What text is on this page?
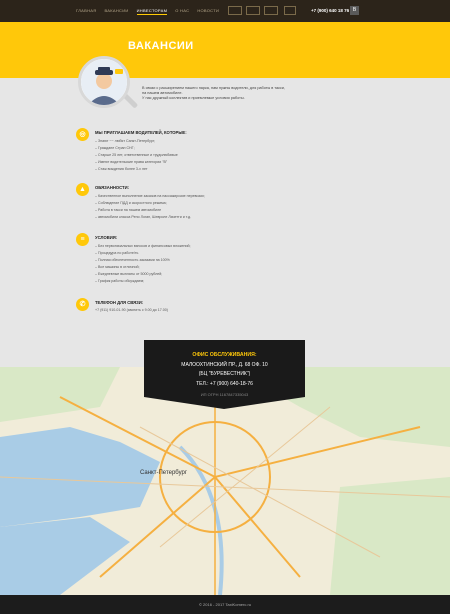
ГЛАВНАЯ ВАКАНСИИ ИНВЕСТОРАМ О НАС НОВОСТИ	+7 (900) 640 18 76 В
ВАКАНСИИ

В связи с расширением нашего парка, нам нужны водители, для работы в такси,

на нашем автомобиле.

У нас дружный коллектив и приемлемые условия работы.

◎	МЫ ПРИГЛАШАЕМ ВОДИТЕЛЕЙ, КОТОРЫЕ:
– Знают ~~ любят Санкт-Петербург;
– Граждане Стран СНГ;
– Старше 25 лет, ответственные и трудолюбивые
– Имеют водительские права категории "B"
– Стаж вождения более 3-х лет
▲	ОБЯЗАННОСТИ:
– Качественное выполнение заказов на пассажирские перевозки;
– Соблюдение ПДД и скоростного режима;
– Работа в такси на нашем автомобиле
– автомобили класса Рено Логан, Шевроле Лачетти и т.д.
≡	УСЛОВИЯ:
– Без первоначальных взносов и финансовых вложений;
– Процедура по работе/ть
– Полная обеспеченность заказами на 100%
– Все машины в отличной;
– Ежедневные выплаты от 5000 рублей;
– График работы обсуждаем;
✆	ТЕЛЕФОН ДЛЯ СВЯЗИ:
+7 (911) 910-01-90 (звонить с 9.00 до 17.00)
Санкт-Петербург
ОФИС ОБСЛУЖИВАНИЯ:
МАЛООХТИНСКИЙ ПР., Д. 68 ОФ. 10
(БЦ "БУРЕВЕСТНИК")
ТЕЛ.: +7 (900) 640-18-76
ИП ОГРН 1167847335043
© 2016 - 2017 TaxiKomerc.ru
